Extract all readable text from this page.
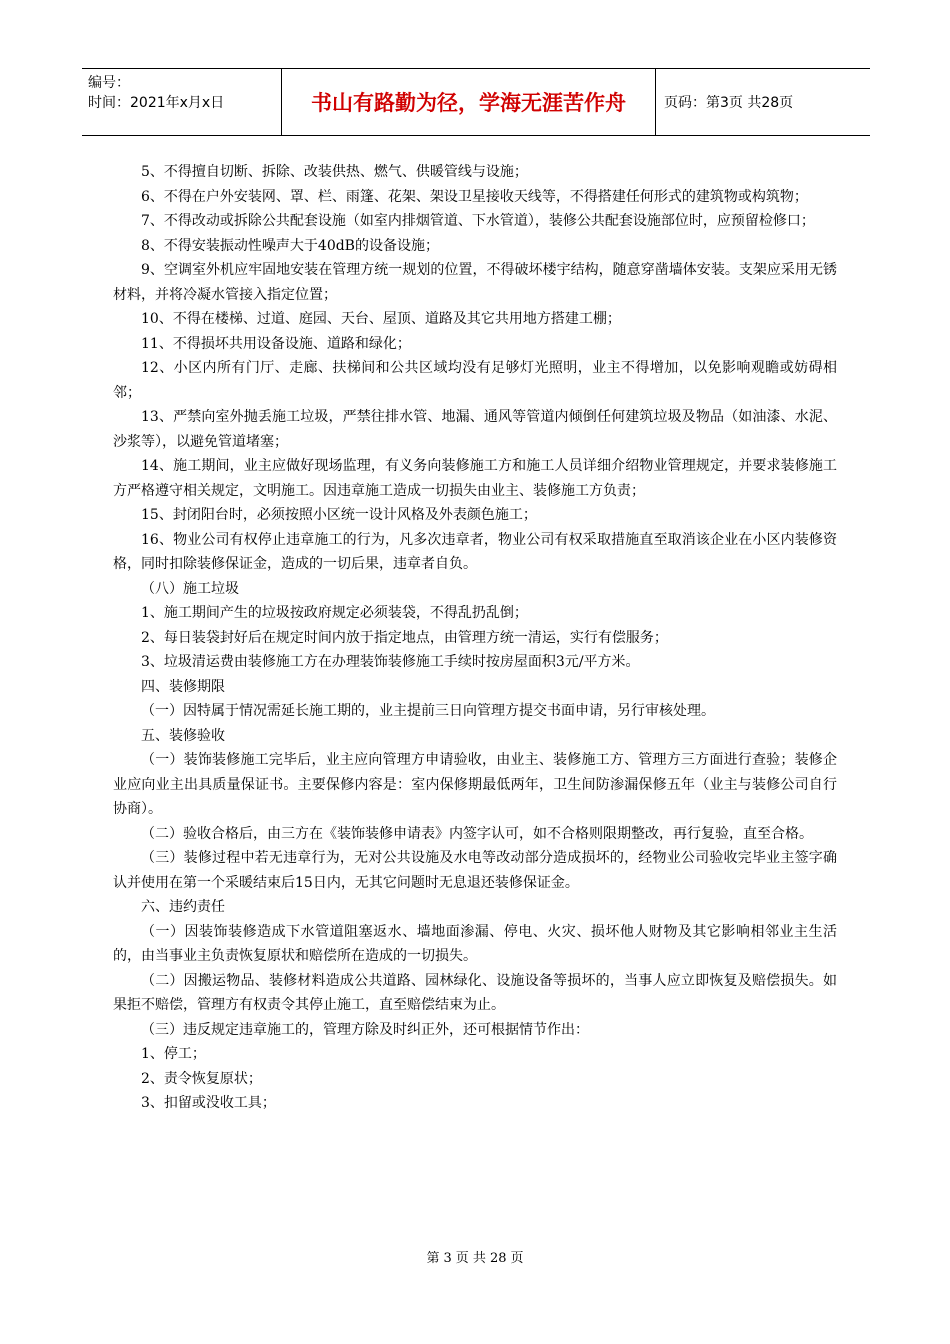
编号：
时间：2021年x月x日	书山有路勤为径，学海无涯苦作舟	页码：第3页 共28页

5、不得擅自切断、拆除、改装供热、燃气、供暖管线与设施；

6、不得在户外安装网、罩、栏、雨篷、花架、架设卫星接收天线等，不得搭建任何形式的建筑物或构筑物；

7、不得改动或拆除公共配套设施（如室内排烟管道、下水管道），装修公共配套设施部位时，应预留检修口；

8、不得安装振动性噪声大于40dB的设备设施；

9、空调室外机应牢固地安装在管理方统一规划的位置，不得破坏楼宇结构，随意穿凿墙体安装。支架应采用无锈材料，并将冷凝水管接入指定位置；

10、不得在楼梯、过道、庭园、天台、屋顶、道路及其它共用地方搭建工棚；

11、不得损坏共用设备设施、道路和绿化；

12、小区内所有门厅、走廊、扶梯间和公共区域均没有足够灯光照明，业主不得增加，以免影响观瞻或妨碍相邻；

13、严禁向室外抛丢施工垃圾，严禁往排水管、地漏、通风等管道内倾倒任何建筑垃圾及物品（如油漆、水泥、沙浆等），以避免管道堵塞；

14、施工期间，业主应做好现场监理，有义务向装修施工方和施工人员详细介绍物业管理规定，并要求装修施工方严格遵守相关规定，文明施工。因违章施工造成一切损失由业主、装修施工方负责；

15、封闭阳台时，必须按照小区统一设计风格及外表颜色施工；

16、物业公司有权停止违章施工的行为，凡多次违章者，物业公司有权采取措施直至取消该企业在小区内装修资格，同时扣除装修保证金，造成的一切后果，违章者自负。

（八）施工垃圾

1、施工期间产生的垃圾按政府规定必须装袋，不得乱扔乱倒；

2、每日装袋封好后在规定时间内放于指定地点，由管理方统一清运，实行有偿服务；

3、垃圾清运费由装修施工方在办理装饰装修施工手续时按房屋面积3元/平方米。

四、装修期限

（一）因特属于情况需延长施工期的，业主提前三日向管理方提交书面申请，另行审核处理。

五、装修验收

（一）装饰装修施工完毕后，业主应向管理方申请验收，由业主、装修施工方、管理方三方面进行查验；装修企业应向业主出具质量保证书。主要保修内容是：室内保修期最低两年，卫生间防渗漏保修五年（业主与装修公司自行协商）。

（二）验收合格后，由三方在《装饰装修申请表》内签字认可，如不合格则限期整改，再行复验，直至合格。

（三）装修过程中若无违章行为，无对公共设施及水电等改动部分造成损坏的，经物业公司验收完毕业主签字确认并使用在第一个采暖结束后15日内，无其它问题时无息退还装修保证金。

六、违约责任

（一）因装饰装修造成下水管道阻塞返水、墙地面渗漏、停电、火灾、损坏他人财物及其它影响相邻业主生活的，由当事业主负责恢复原状和赔偿所在造成的一切损失。

（二）因搬运物品、装修材料造成公共道路、园林绿化、设施设备等损坏的，当事人应立即恢复及赔偿损失。如果拒不赔偿，管理方有权责令其停止施工，直至赔偿结束为止。

（三）违反规定违章施工的，管理方除及时纠正外，还可根据情节作出：

1、停工；

2、责令恢复原状；

3、扣留或没收工具；

第 3 页 共 28 页
